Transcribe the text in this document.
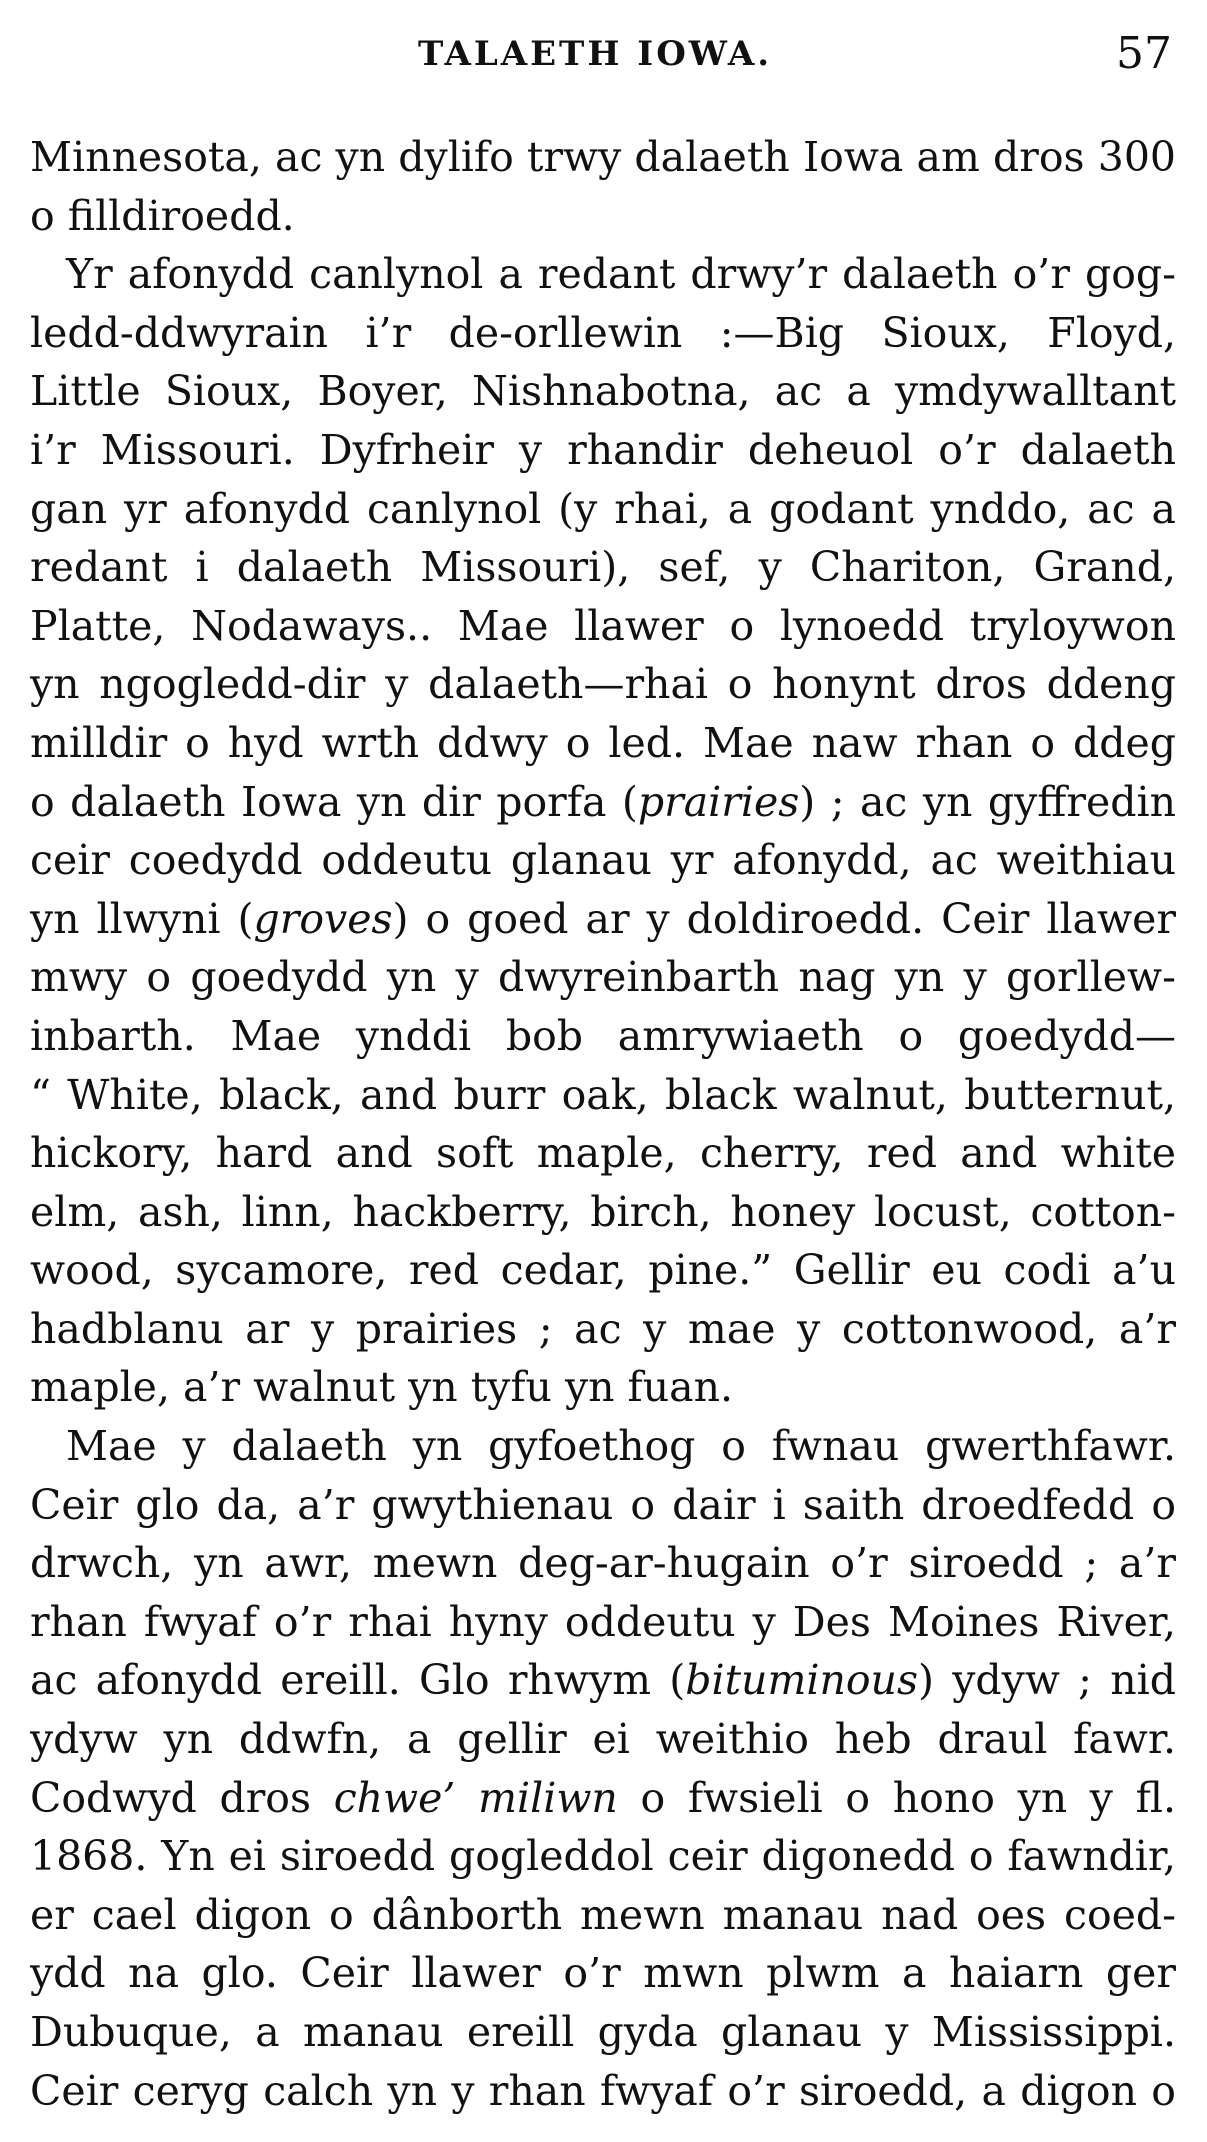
TALAETH IOWA.	57
Minnesota, ac yn dylifo trwy dalaeth Iowa am dros 300
o filldiroedd.
Yr afonydd canlynol a redant drwy’r dalaeth o’r gog-
ledd-ddwyrain i’r de-orllewin :—Big Sioux, Floyd,
Little Sioux, Boyer, Nishnabotna, ac a ymdywalltant
i’r Missouri. Dyfrheir y rhandir deheuol o’r dalaeth
gan yr afonydd canlynol (y rhai, a godant ynddo, ac a
redant i dalaeth Missouri), sef, y Chariton, Grand,
Platte, Nodaways.. Mae llawer o lynoedd tryloywon
yn ngogledd-dir y dalaeth—rhai o honynt dros ddeng
milldir o hyd wrth ddwy o led. Mae naw rhan o ddeg
o dalaeth Iowa yn dir porfa (prairies) ; ac yn gyffredin
ceir coedydd oddeutu glanau yr afonydd, ac weithiau
yn llwyni (groves) o goed ar y doldiroedd. Ceir llawer
mwy o goedydd yn y dwyreinbarth nag yn y gorllew-
inbarth. Mae ynddi bob amrywiaeth o goedydd—
“ White, black, and burr oak, black walnut, butternut,
hickory, hard and soft maple, cherry, red and white
elm, ash, linn, hackberry, birch, honey locust, cotton-
wood, sycamore, red cedar, pine.” Gellir eu codi a’u
hadblanu ar y prairies ; ac y mae y cottonwood, a’r
maple, a’r walnut yn tyfu yn fuan.
Mae y dalaeth yn gyfoethog o fwnau gwerthfawr.
Ceir glo da, a’r gwythienau o dair i saith droedfedd o
drwch, yn awr, mewn deg-ar-hugain o’r siroedd ; a’r
rhan fwyaf o’r rhai hyny oddeutu y Des Moines River,
ac afonydd ereill. Glo rhwym (bituminous) ydyw ; nid
ydyw yn ddwfn, a gellir ei weithio heb draul fawr.
Codwyd dros chwe’ miliwn o fwsieli o hono yn y fl.
1868. Yn ei siroedd gogleddol ceir digonedd o fawndir,
er cael digon o dânborth mewn manau nad oes coed-
ydd na glo. Ceir llawer o’r mwn plwm a haiarn ger
Dubuque, a manau ereill gyda glanau y Mississippi.
Ceir ceryg calch yn y rhan fwyaf o’r siroedd, a digon o
